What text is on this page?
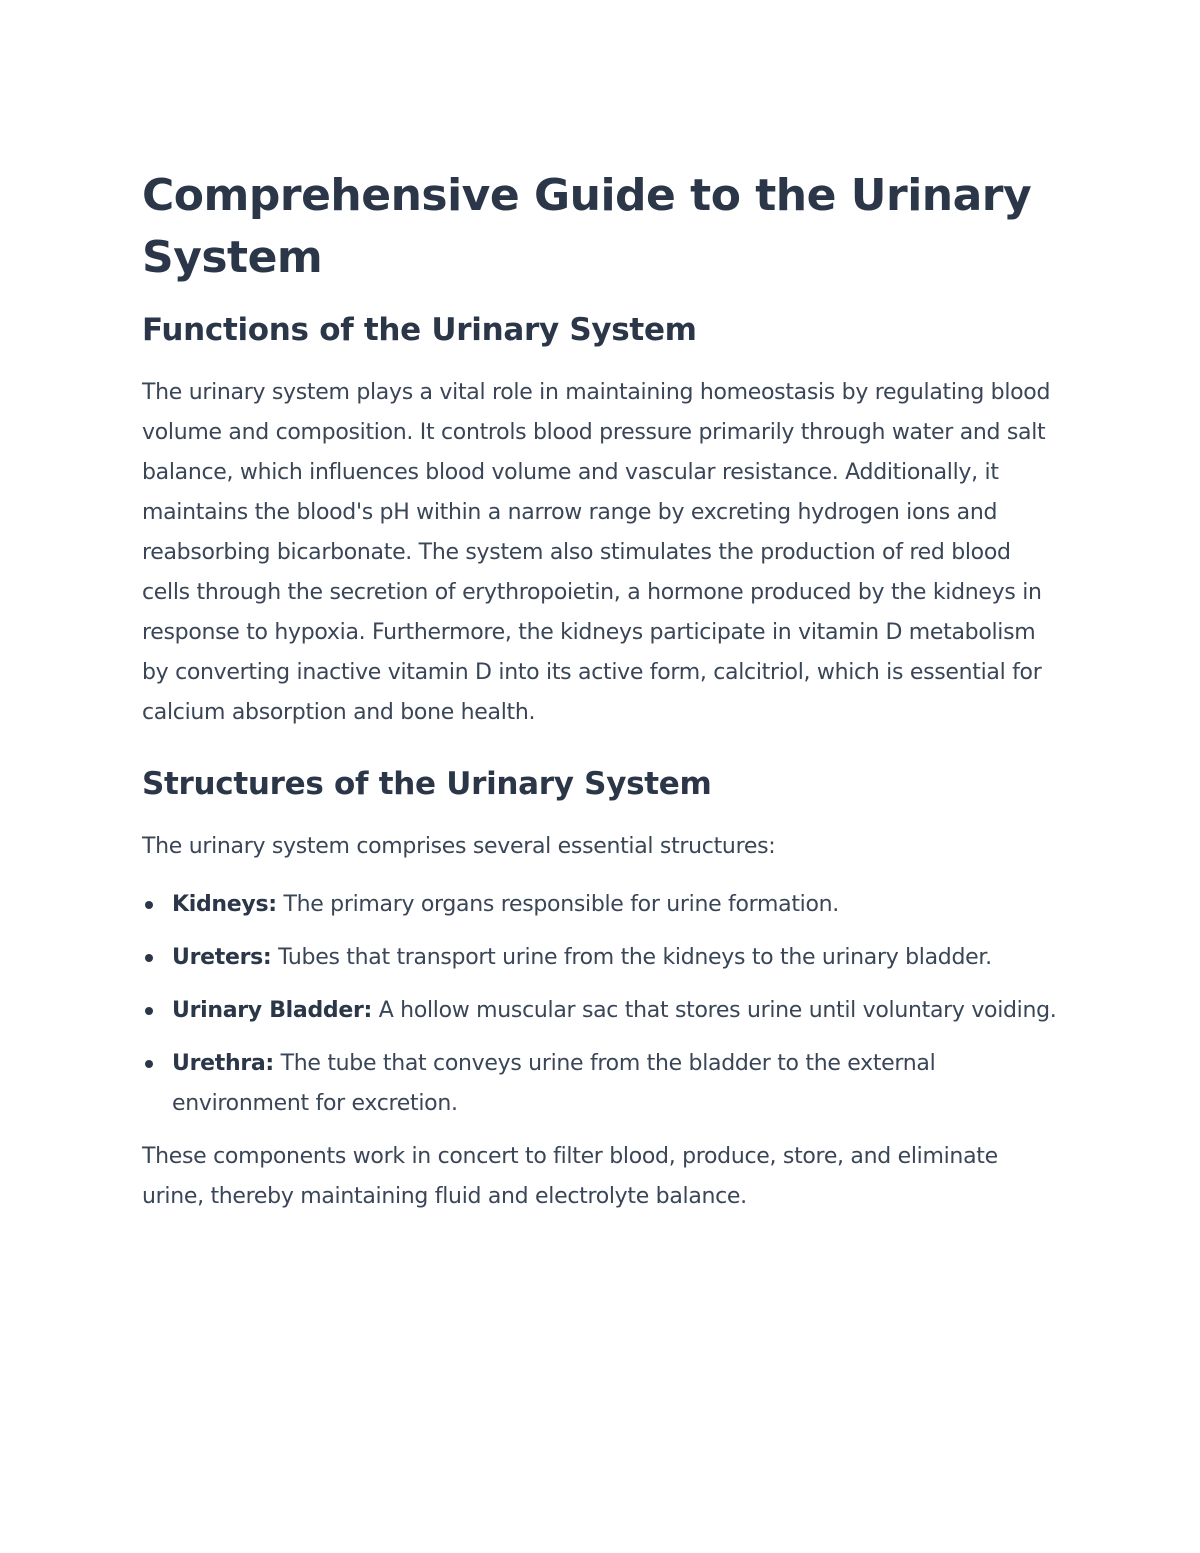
Comprehensive Guide to the Urinary System
Functions of the Urinary System

The urinary system plays a vital role in maintaining homeostasis by regulating blood volume and composition. It controls blood pressure primarily through water and salt balance, which influences blood volume and vascular resistance. Additionally, it maintains the blood's pH within a narrow range by excreting hydrogen ions and reabsorbing bicarbonate. The system also stimulates the production of red blood cells through the secretion of erythropoietin, a hormone produced by the kidneys in response to hypoxia. Furthermore, the kidneys participate in vitamin D metabolism by converting inactive vitamin D into its active form, calcitriol, which is essential for calcium absorption and bone health.

Structures of the Urinary System

The urinary system comprises several essential structures:

Kidneys: The primary organs responsible for urine formation.
Ureters: Tubes that transport urine from the kidneys to the urinary bladder.
Urinary Bladder: A hollow muscular sac that stores urine until voluntary voiding.
Urethra: The tube that conveys urine from the bladder to the external environment for excretion.

These components work in concert to filter blood, produce, store, and eliminate urine, thereby maintaining fluid and electrolyte balance.
